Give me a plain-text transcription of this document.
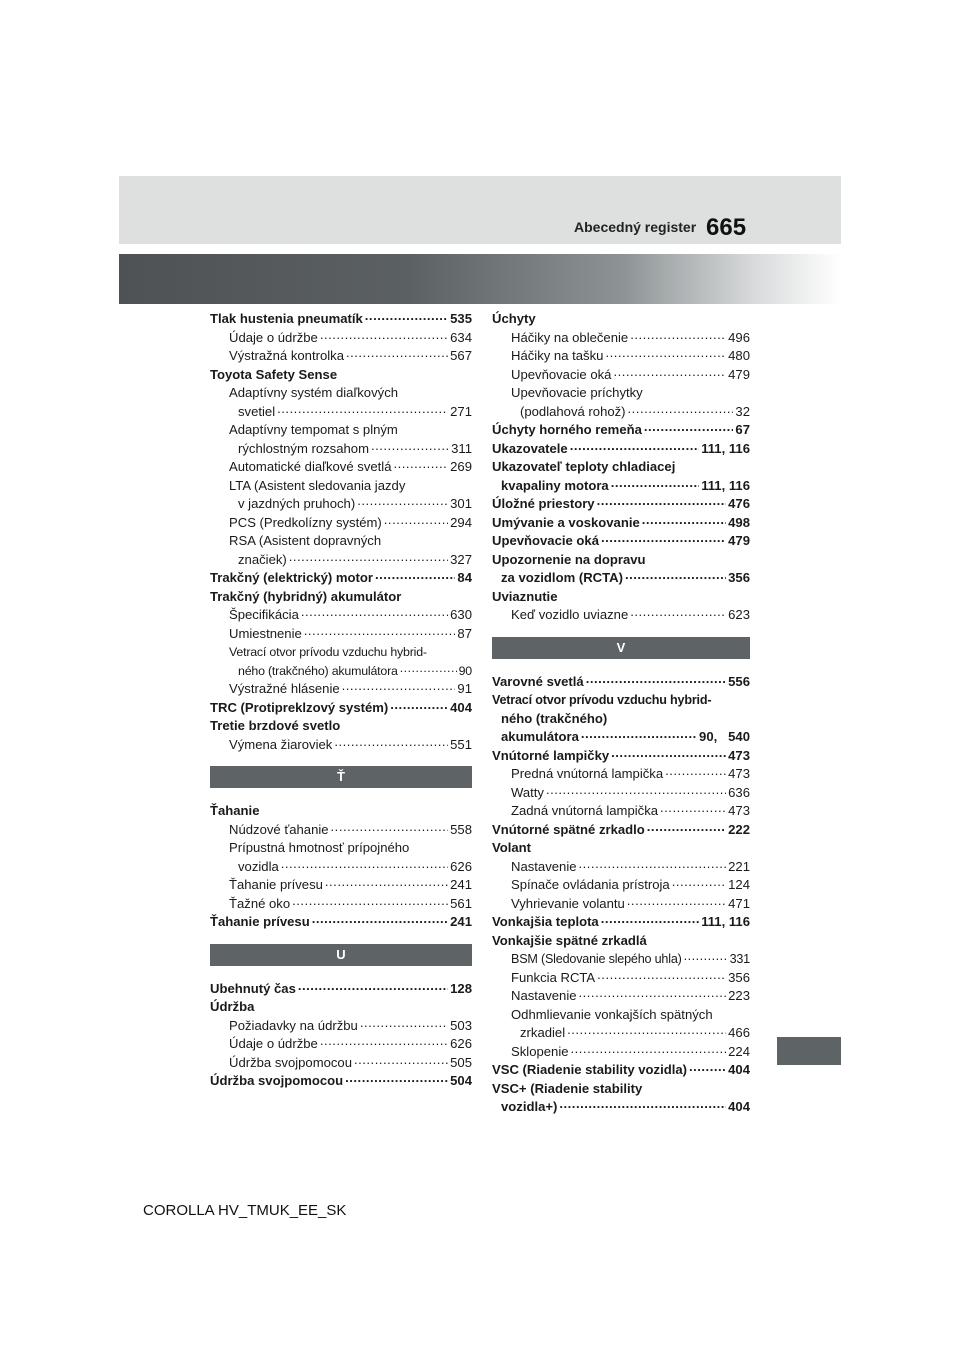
Abecedný register 665
Tlak hustenia pneumatík .....	535
Údaje o údržbe .....	634
Výstražná kontrolka .....	567
Toyota Safety Sense
Adaptívny systém diaľkových
svetiel .....	271
Adaptívny tempomat s plným
rýchlostným rozsahom .....	311
Automatické diaľkové svetlá .....	269
LTA (Asistent sledovania jazdy
v jazdných pruhoch) .....	301
PCS (Predkolízny systém) .....	294
RSA (Asistent dopravných
značiek) .....	327
Trakčný (elektrický) motor .....	84
Trakčný (hybridný) akumulátor
Špecifikácia .....	630
Umiestnenie .....	87
Vetrací otvor prívodu vzduchu hybrid-
ného (trakčného) akumulátora .....	90
Výstražné hlásenie .....	91
TRC (Protipreklzový systém) .....	404
Tretie brzdové svetlo
Výmena žiaroviek .....	551
Ť
Ťahanie
Núdzové ťahanie .....	558
Prípustná hmotnosť prípojného
vozidla .....	626
Ťahanie prívesu .....	241
Ťažné oko .....	561
Ťahanie prívesu .....	241
U
Ubehnutý čas .....	128
Údržba
Požiadavky na údržbu .....	503
Údaje o údržbe .....	626
Údržba svojpomocou .....	505
Údržba svojpomocou .....	504
Úchyty
Háčiky na oblečenie .....	496
Háčiky na tašku .....	480
Upevňovacie oká .....	479
Upevňovacie príchytky
(podlahová rohož) .....	32
Úchyty horného remeňa .....	67
Ukazovatele .....	111, 116
Ukazovateľ teploty chladiacej
kvapaliny motora .....	111, 116
Úložné priestory .....	476
Umývanie a voskovanie .....	498
Upevňovacie oká .....	479
Upozornenie na dopravu
za vozidlom (RCTA) .....	356
Uviaznutie
Keď vozidlo uviazne .....	623
V
Varovné svetlá .....	556
Vetrací otvor prívodu vzduchu hybrid-
ného (trakčného)
akumulátora .....	90,   540
Vnútorné lampičky .....	473
Predná vnútorná lampička .....	473
Watty .....	636
Zadná vnútorná lampička .....	473
Vnútorné spätné zrkadlo .....	222
Volant
Nastavenie .....	221
Spínače ovládania prístroja .....	124
Vyhrievanie volantu .....	471
Vonkajšia teplota .....	111, 116
Vonkajšie spätné zrkadlá
BSM (Sledovanie slepého uhla) .....	331
Funkcia RCTA .....	356
Nastavenie .....	223
Odhmlievanie vonkajších spätných
zrkadiel .....	466
Sklopenie .....	224
VSC (Riadenie stability vozidla) .....	404
VSC+ (Riadenie stability
vozidla+) .....	404
COROLLA HV_TMUK_EE_SK
